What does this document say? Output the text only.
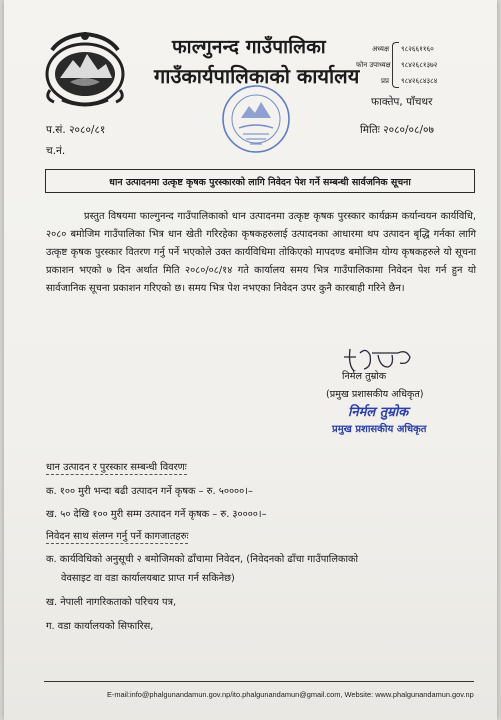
फाल्गुनन्द गाउँपालिका
गाउँकार्यपालिकाको कार्यालय
अध्यक्ष	९८२६६११६०
फोन उपाध्यक्ष	९८४२६८१३७२
प्रप्र	९८४२६८४३८४
फाक्तेप, पाँचथर
प.सं. २०८०/८१	मितिः २०८०/०८/०७
च.नं.
धान उत्पादनमा उत्कृष्ट कृषक पुरस्कारको लागि निवेदन पेश गर्ने सम्बन्धी सार्वजनिक सूचना
प्रस्तुत विषयमा फाल्गुनन्द गाउँपालिकाको धान उत्पादनमा उत्कृष्ट कृषक पुरस्कार कार्यक्रम कर्यान्वयन कार्यविधि, २०८० बमोजिम गाउँपालिका भित्र धान खेती गरिरहेका कृषकहरुलाई उत्पादनका आधारमा थप उत्पादन बृद्धि गर्नका लागि उत्कृष्ट कृषक पुरस्कार वितरण गर्नु पर्ने भएकोले उक्त कार्यविधिमा तोकिएको मापदण्ड बमोजिम योग्य कृषकहरुले यो सूचना प्रकाशन भएको ७ दिन अर्थात मिति २०८०/०८/१४ गते कार्यालय समय भित्र गाउँपालिकामा निवेदन पेश गर्न हुन यो सार्वजानिक सूचना प्रकाशन गरिएको छ। समय भित्र पेश नभएका निवेदन उपर कुनै कारबाही गरिने छैन।
निर्मल तुम्रोक
(प्रमुख प्रशासकीय अधिकृत)
निर्मल तुम्रोक
प्रमुख प्रशासकीय अधिकृत
धान उत्पादन र पुरस्कार सम्बन्धी विवरणः
क. १०० मुरी भन्दा बढी उत्पादन गर्ने कृषक – रु. ५००००।–
ख. ५० देखि १०० मुरी सम्म उत्पादन गर्ने कृषक – रु. ३००००।–
निवेदन साथ संलग्न गर्नु पर्ने कागजातहरुः
क. कार्यविधिको अनुसूची २ बमोजिमको ढाँचामा निवेदन, (निवेदनको ढाँचा गाउँपालिकाको
वेवसाइट वा वडा कार्यालयबाट प्राप्त गर्न सकिनेछ)
ख. नेपाली नागरिकताको परिचय पत्र,
ग. वडा कार्यालयको सिफारिस,
E-mail:info@phalgunandamun.gov.np/ito.phalgunandamun@gmail.com, Website: www.phalgunandamun.gov.np
